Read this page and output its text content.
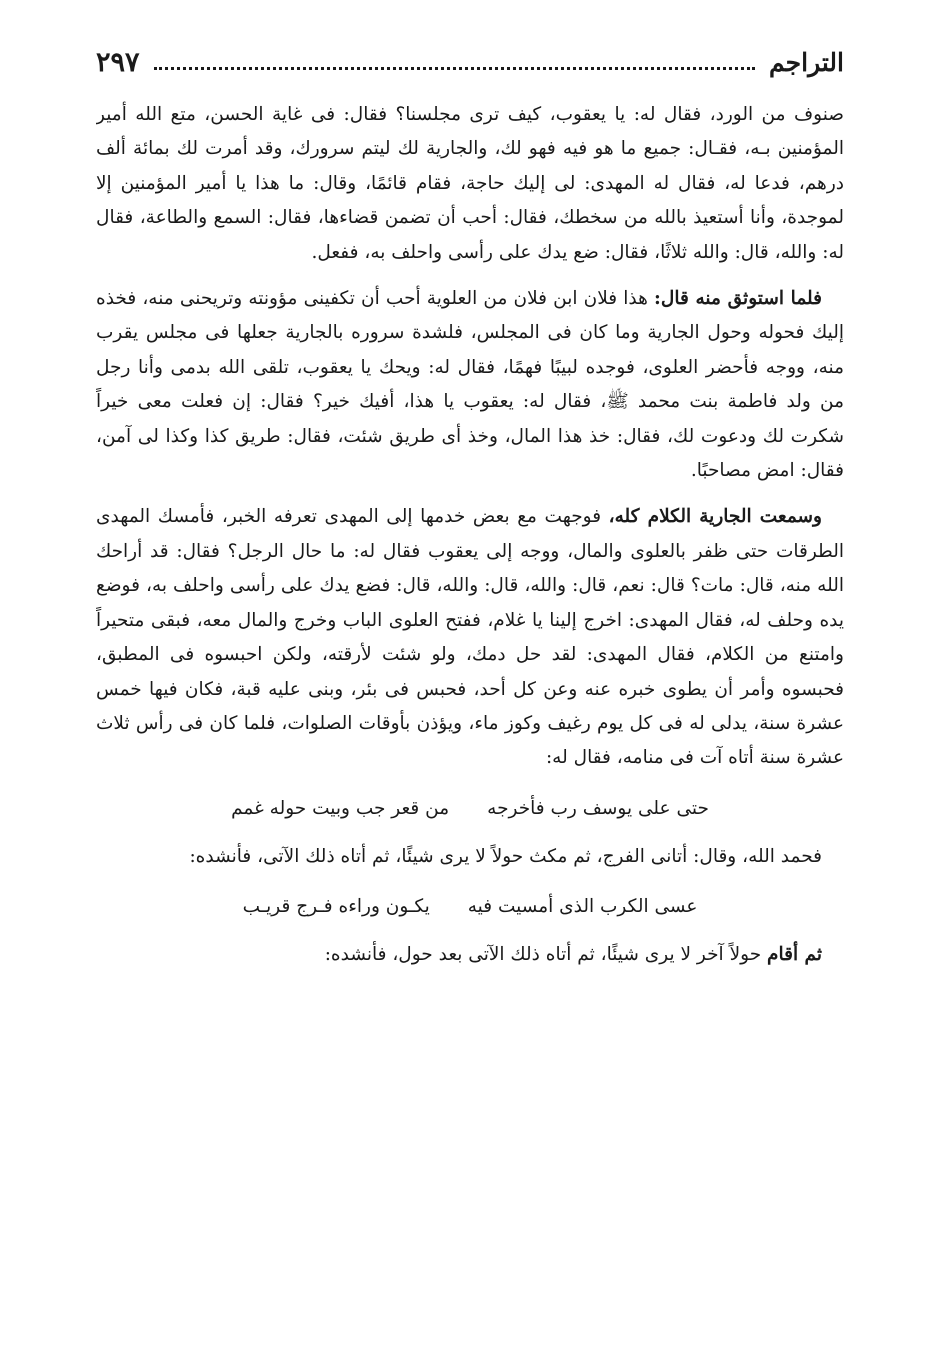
التراجم
٢٩٧

صنوف من الورد، فقال له: يا يعقوب، كيف ترى مجلسنا؟ فقال: فى غاية الحسن، متع الله أمير المؤمنين بـه، فقـال: جميع ما هو فيه فهو لك، والجارية لك ليتم سرورك، وقد أمرت لك بمائة ألف درهم، فدعا له، فقال له المهدى: لى إليك حاجة، فقام قائمًا، وقال: ما هذا يا أمير المؤمنين إلا لموجدة، وأنا أستعيذ بالله من سخطك، فقال: أحب أن تضمن قضاءها، فقال: السمع والطاعة، فقال له: والله، قال: والله ثلاثًا، فقال: ضع يدك على رأسى واحلف به، ففعل.

فلما استوثق منه قال: هذا فلان ابن فلان من العلوية أحب أن تكفينى مؤونته وتريحنى منه، فخذه إليك فحوله وحول الجارية وما كان فى المجلس، فلشدة سروره بالجارية جعلها فى مجلس يقرب منه، ووجه فأحضر العلوى، فوجده لبيبًا فهمًا، فقال له: ويحك يا يعقوب، تلقى الله بدمى وأنا رجل من ولد فاطمة بنت محمد ﷺ، فقال له: يعقوب يا هذا، أفيك خير؟ فقال: إن فعلت معى خيراً شكرت لك ودعوت لك، فقال: خذ هذا المال، وخذ أى طريق شئت، فقال: طريق كذا وكذا لى آمن، فقال: امض مصاحبًا.

وسمعت الجارية الكلام كله، فوجهت مع بعض خدمها إلى المهدى تعرفه الخبر، فأمسك المهدى الطرقات حتى ظفر بالعلوى والمال، ووجه إلى يعقوب فقال له: ما حال الرجل؟ فقال: قد أراحك الله منه، قال: مات؟ قال: نعم، قال: والله، قال: والله، قال: فضع يدك على رأسى واحلف به، فوضع يده وحلف له، فقال المهدى: اخرج إلينا يا غلام، ففتح العلوى الباب وخرج والمال معه، فبقى متحيراً وامتنع من الكلام، فقال المهدى: لقد حل دمك، ولو شئت لأرقته، ولكن احبسوه فى المطبق، فحبسوه وأمر أن يطوى خبره عنه وعن كل أحد، فحبس فى بئر، وبنى عليه قبة، فكان فيها خمس عشرة سنة، يدلى له فى كل يوم رغيف وكوز ماء، ويؤذن بأوقات الصلوات، فلما كان فى رأس ثلاث عشرة سنة أتاه آت فى منامه، فقال له:

حتى على يوسف رب فأخرجه
من قعر جب وبيت حوله غمم

فحمد الله، وقال: أتانى الفرج، ثم مكث حولاً لا يرى شيئًا، ثم أتاه ذلك الآتى، فأنشده:

عسى الكرب الذى أمسيت فيه
يكـون وراءه فـرج قريـب

ثم أقام حولاً آخر لا يرى شيئًا، ثم أتاه ذلك الآتى بعد حول، فأنشده:
